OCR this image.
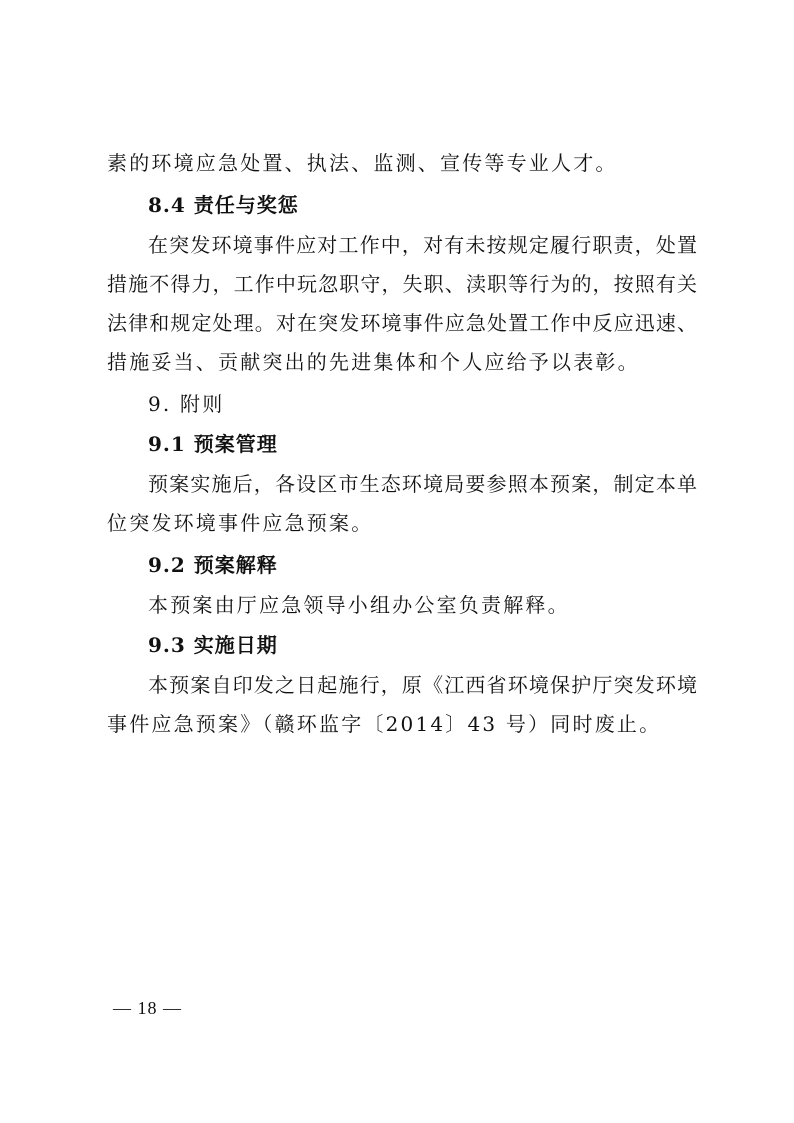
素的环境应急处置、执法、监测、宣传等专业人才。
8.4 责任与奖惩
在突发环境事件应对工作中，对有未按规定履行职责，处置
措施不得力，工作中玩忽职守，失职、渎职等行为的，按照有关
法律和规定处理。对在突发环境事件应急处置工作中反应迅速、
措施妥当、贡献突出的先进集体和个人应给予以表彰。
9. 附则
9.1 预案管理
预案实施后，各设区市生态环境局要参照本预案，制定本单
位突发环境事件应急预案。
9.2 预案解释
本预案由厅应急领导小组办公室负责解释。
9.3 实施日期
本预案自印发之日起施行，原《江西省环境保护厅突发环境
事件应急预案》（赣环监字〔2014〕43 号）同时废止。
— 18 —
